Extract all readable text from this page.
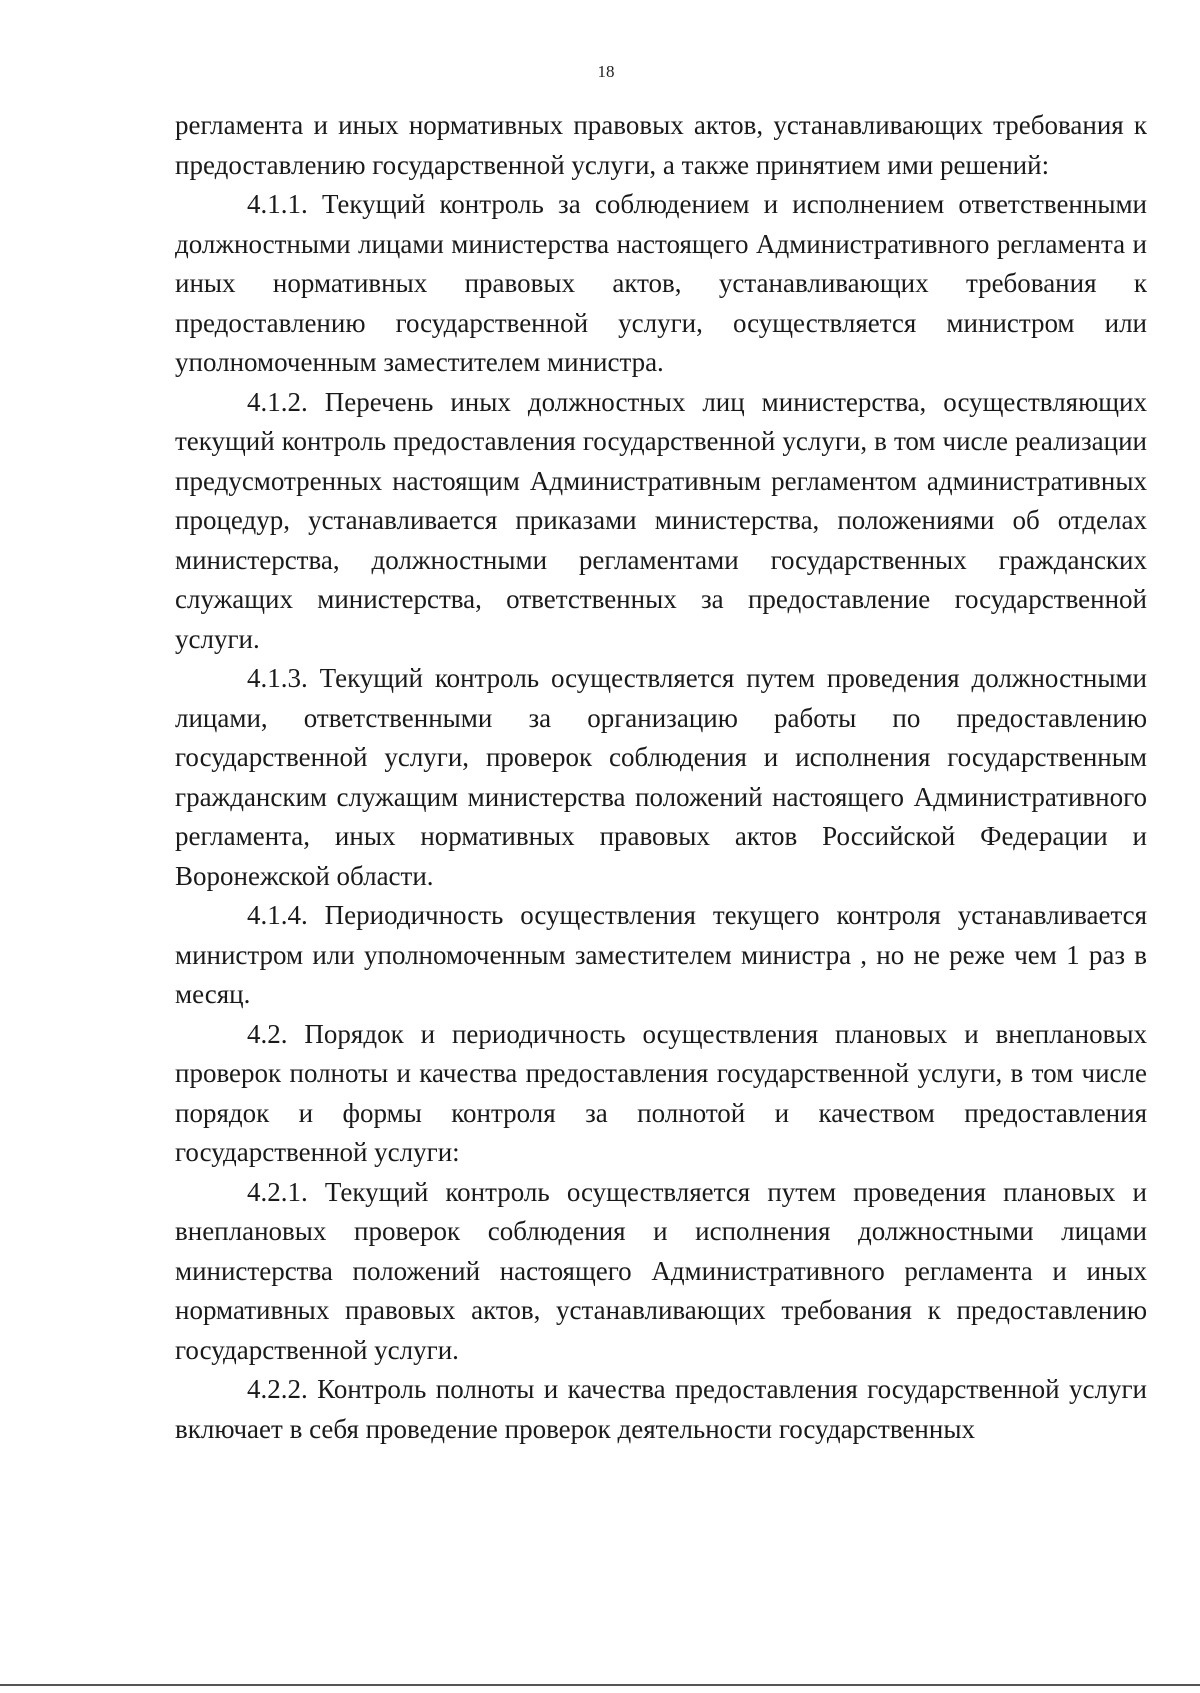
18

регламента и иных нормативных правовых актов, устанавливающих требования к предоставлению государственной услуги, а также принятием ими решений:

4.1.1. Текущий контроль за соблюдением и исполнением ответственными должностными лицами министерства настоящего Административного регламента и иных нормативных правовых актов, устанавливающих требования к предоставлению государственной услуги, осуществляется министром или уполномоченным заместителем министра.

4.1.2. Перечень иных должностных лиц министерства, осуществляющих текущий контроль предоставления государственной услуги, в том числе реализации предусмотренных настоящим Административным регламентом административных процедур, устанавливается приказами министерства, положениями об отделах министерства, должностными регламентами государственных гражданских служащих министерства, ответственных за предоставление государственной услуги.

4.1.3. Текущий контроль осуществляется путем проведения должностными лицами, ответственными за организацию работы по предоставлению государственной услуги, проверок соблюдения и исполнения государственным гражданским служащим министерства положений настоящего Административного регламента, иных нормативных правовых актов Российской Федерации и Воронежской области.

4.1.4. Периодичность осуществления текущего контроля устанавливается министром или уполномоченным заместителем министра , но не реже чем 1 раз в месяц.

4.2. Порядок и периодичность осуществления плановых и внеплановых проверок полноты и качества предоставления государственной услуги, в том числе порядок и формы контроля за полнотой и качеством предоставления государственной услуги:

4.2.1. Текущий контроль осуществляется путем проведения плановых и внеплановых проверок соблюдения и исполнения должностными лицами министерства положений настоящего Административного регламента и иных нормативных правовых актов, устанавливающих требования к предоставлению государственной услуги.

4.2.2. Контроль полноты и качества предоставления государственной услуги включает в себя проведение проверок деятельности государственных
